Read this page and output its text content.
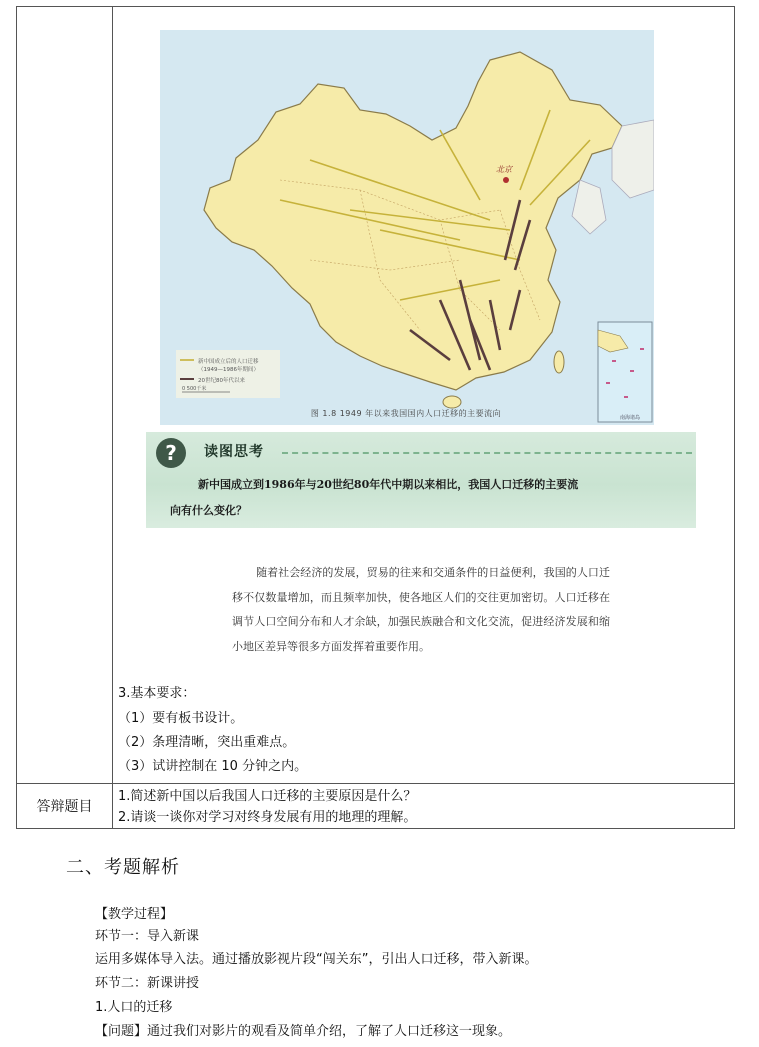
答辩题目
北京
新中国成立后的人口迁移
（1949—1986年期间）
20世纪80年代以来
0 500千米
南海诸岛
图 1.8 1949 年以来我国国内人口迁移的主要流向
?	读图思考
新中国成立到1986年与20世纪80年代中期以来相比，我国人口迁移的主要流
向有什么变化？
随着社会经济的发展，贸易的往来和交通条件的日益便利，我国的人口迁移不仅数量增加，而且频率加快，使各地区人们的交往更加密切。人口迁移在调节人口空间分布和人才余缺，加强民族融合和文化交流，促进经济发展和缩小地区差异等很多方面发挥着重要作用。
3.基本要求：
（1）要有板书设计。
（2）条理清晰，突出重难点。
（3）试讲控制在 10 分钟之内。
1.简述新中国以后我国人口迁移的主要原因是什么？
2.请谈一谈你对学习对终身发展有用的地理的理解。
二、考题解析
【教学过程】
环节一：导入新课
运用多媒体导入法。通过播放影视片段“闯关东”，引出人口迁移，带入新课。
环节二：新课讲授
1.人口的迁移
【问题】通过我们对影片的观看及简单介绍，了解了人口迁移这一现象。
